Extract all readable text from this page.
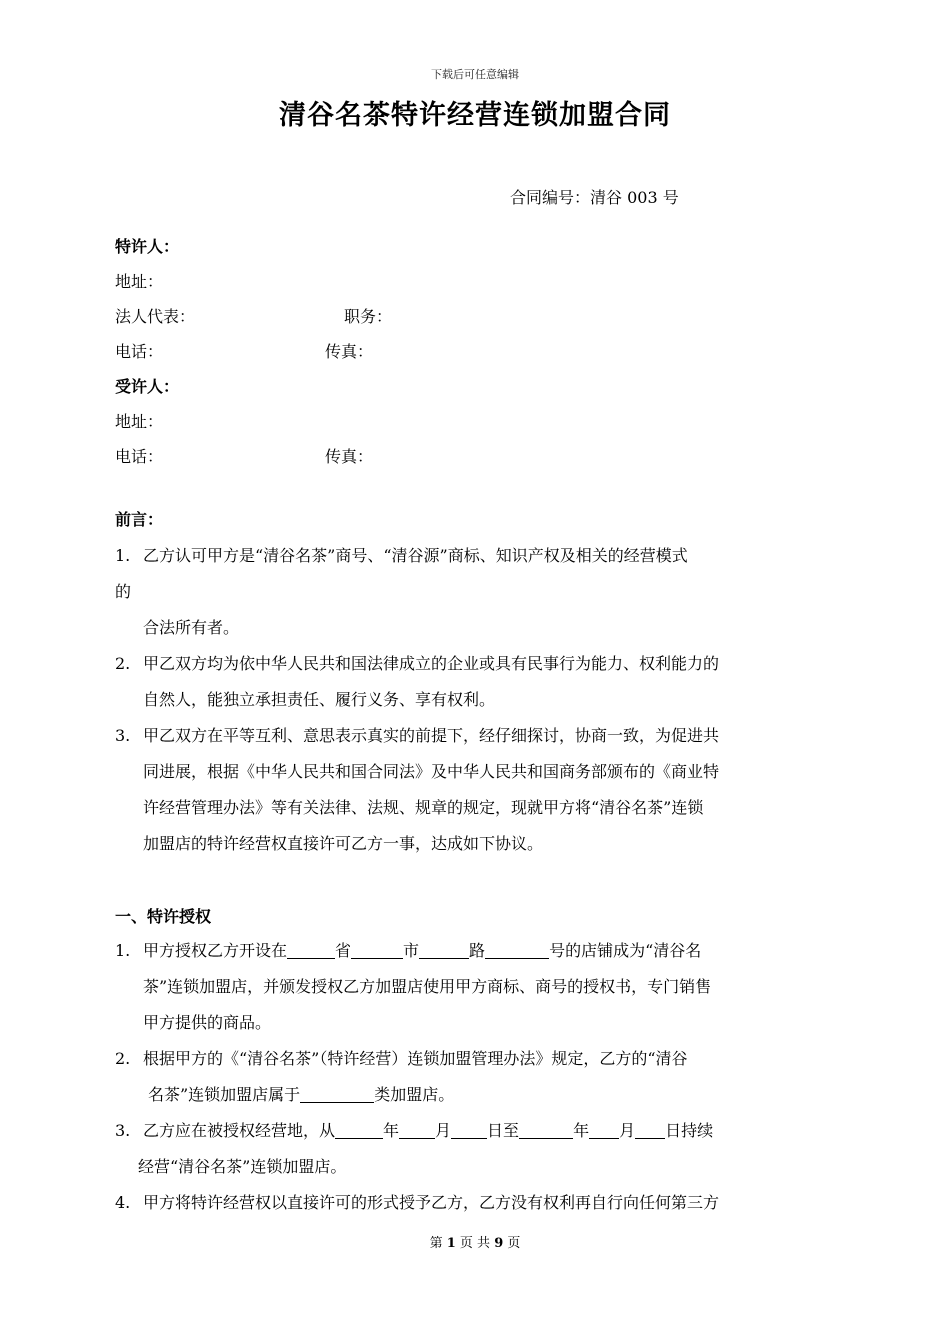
下载后可任意编辑
清谷名茶特许经营连锁加盟合同
合同编号：清谷 003 号
特许人：
地址：
法人代表：	职务：
电话：	传真：
受许人：
地址：
电话：	传真：
前言：
1. 乙方认可甲方是“清谷名茶”商号、“清谷源”商标、知识产权及相关的经营模式
的
合法所有者。
2. 甲乙双方均为依中华人民共和国法律成立的企业或具有民事行为能力、权利能力的
自然人，能独立承担责任、履行义务、享有权利。
3. 甲乙双方在平等互利、意思表示真实的前提下，经仔细探讨，协商一致，为促进共
同进展，根据《中华人民共和国合同法》及中华人民共和国商务部颁布的《商业特
许经营管理办法》等有关法律、法规、规章的规定，现就甲方将“清谷名茶”连锁
加盟店的特许经营权直接许可乙方一事，达成如下协议。
一、特许授权
1. 甲方授权乙方开设在	省	市	路	号的店铺成为“清谷名
茶”连锁加盟店，并颁发授权乙方加盟店使用甲方商标、商号的授权书，专门销售
甲方提供的商品。
2. 根据甲方的《“清谷名茶”（特许经营）连锁加盟管理办法》规定，乙方的“清谷
名茶”连锁加盟店属于	类加盟店。
3. 乙方应在被授权经营地，从	年 月 日至	年 月 日持续
经营“清谷名茶”连锁加盟店。
4. 甲方将特许经营权以直接许可的形式授予乙方，乙方没有权利再自行向任何第三方
第 1 页 共 9 页
